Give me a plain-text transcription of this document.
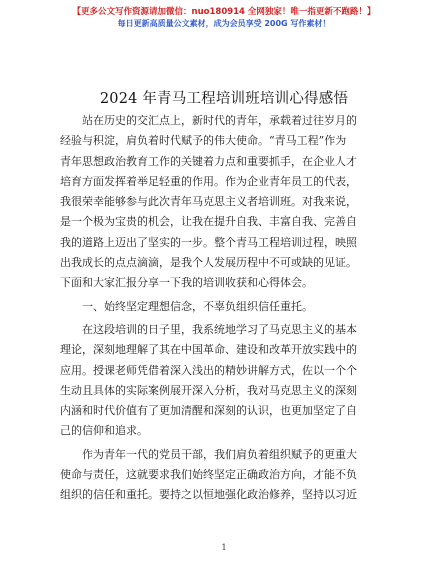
【更多公文写作资源请加微信：nuo180914 全网独家！唯一指更新不跑路！】
每日更新高质量公文素材，成为会员享受 200G 写作素材！
2024 年青马工程培训班培训心得感悟

站在历史的交汇点上，新时代的青年，承载着过往岁月的
经验与积淀，肩负着时代赋予的伟大使命。“青马工程”作为
青年思想政治教育工作的关键着力点和重要抓手，在企业人才
培育方面发挥着举足轻重的作用。作为企业青年员工的代表，
我很荣幸能够参与此次青年马克思主义者培训班。对我来说，
是一个极为宝贵的机会，让我在提升自我、丰富自我、完善自
我的道路上迈出了坚实的一步。整个青马工程培训过程，映照
出我成长的点点滴滴，是我个人发展历程中不可或缺的见证。
下面和大家汇报分享一下我的培训收获和心得体会。

一、始终坚定理想信念，不辜负组织信任重托。

在这段培训的日子里，我系统地学习了马克思主义的基本
理论，深刻地理解了其在中国革命、建设和改革开放实践中的
应用。授课老师凭借着深入浅出的精妙讲解方式，佐以一个个
生动且具体的实际案例展开深入分析，我对马克思主义的深刻
内涵和时代价值有了更加清醒和深刻的认识，也更加坚定了自
己的信仰和追求。

作为青年一代的党员干部，我们肩负着组织赋予的更重大
使命与责任，这就要求我们始终坚定正确政治方向，才能不负
组织的信任和重托。要持之以恒地强化政治修养，坚持以习近

1
